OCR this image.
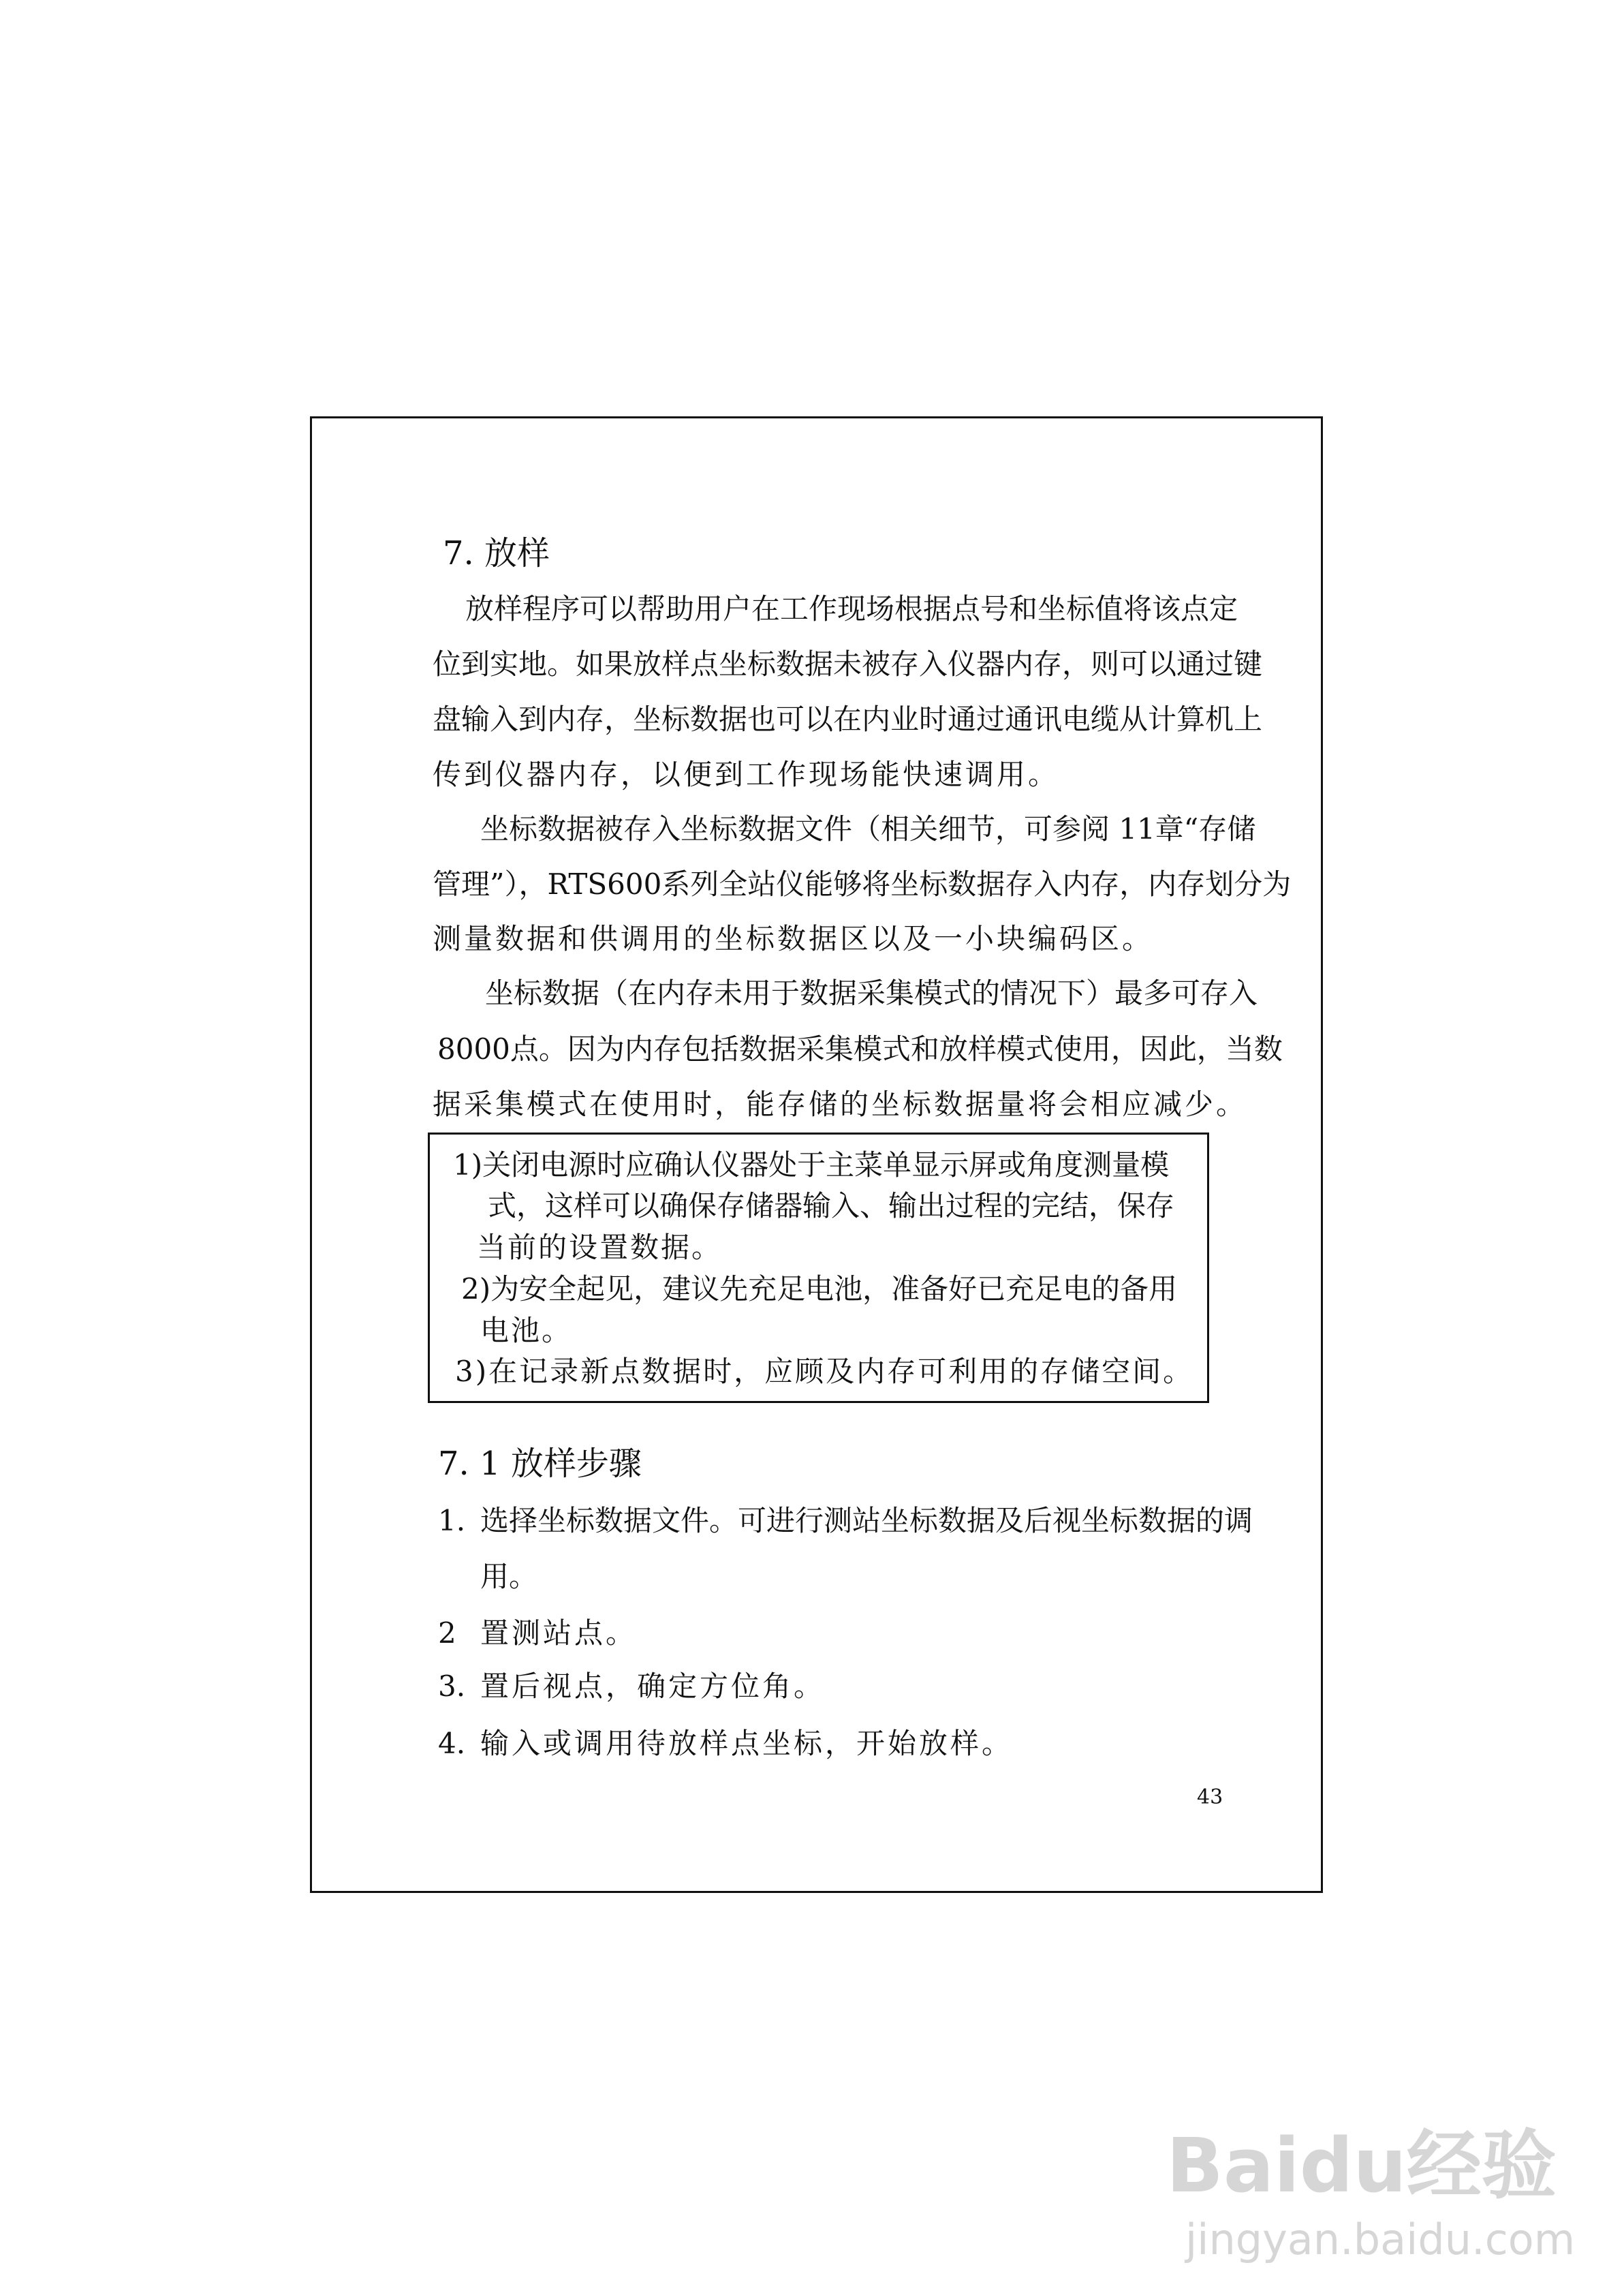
7. 放样
放样程序可以帮助用户在工作现场根据点号和坐标值将该点定
位到实地。如果放样点坐标数据未被存入仪器内存，则可以通过键
盘输入到内存，坐标数据也可以在内业时通过通讯电缆从计算机上
传到仪器内存，以便到工作现场能快速调用。
坐标数据被存入坐标数据文件（相关细节，可参阅 11章“存储
管理”），RTS600系列全站仪能够将坐标数据存入内存，内存划分为
测量数据和供调用的坐标数据区以及一小块编码区。
坐标数据（在内存未用于数据采集模式的情况下）最多可存入
8000点。因为内存包括数据采集模式和放样模式使用，因此，当数
据采集模式在使用时，能存储的坐标数据量将会相应减少。
1)关闭电源时应确认仪器处于主菜单显示屏或角度测量模
式，这样可以确保存储器输入、输出过程的完结，保存
当前的设置数据。
2)为安全起见，建议先充足电池，准备好已充足电的备用
电池。
3)在记录新点数据时，应顾及内存可利用的存储空间。
7. 1 放样步骤
1. 选择坐标数据文件。可进行测站坐标数据及后视坐标数据的调
用。
2 置测站点。
3. 置后视点，确定方位角。
4. 输入或调用待放样点坐标，开始放样。
43
Baidu经验
jingyan.baidu.com
